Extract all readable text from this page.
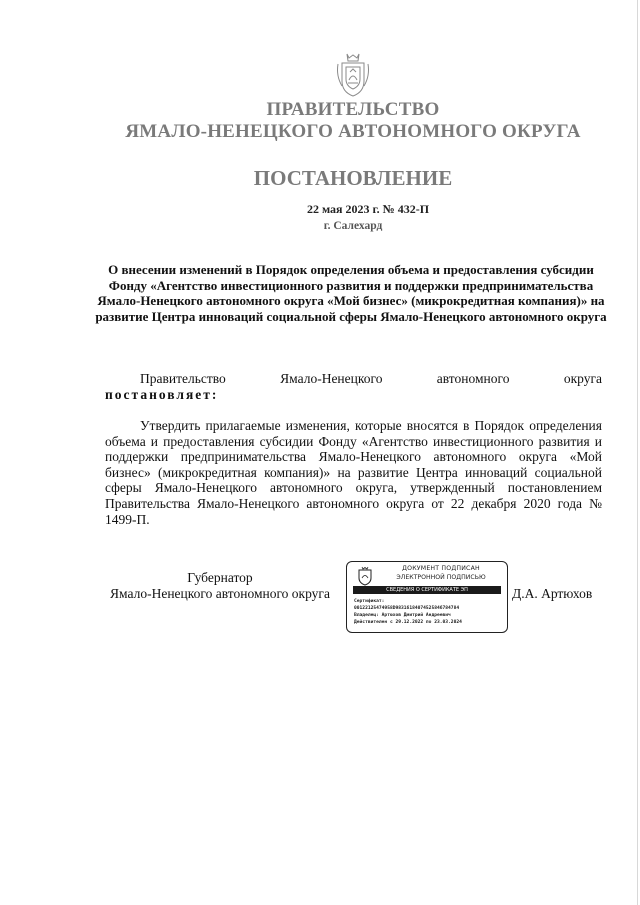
ПРАВИТЕЛЬСТВО
ЯМАЛО-НЕНЕЦКОГО АВТОНОМНОГО ОКРУГА
ПОСТАНОВЛЕНИЕ
22 мая 2023 г. № 432-П
г. Салехард
О внесении изменений в Порядок определения объема и предоставления субсидии Фонду «Агентство инвестиционного развития и поддержки предпринимательства Ямало-Ненецкого автономного округа «Мой бизнес» (микрокредитная компания)» на развитие Центра инноваций социальной сферы Ямало-Ненецкого автономного округа
Правительство	Ямало-Ненецкого	автономного	округа
постановляет:
Утвердить прилагаемые изменения, которые вносятся в Порядок определения объема и предоставления субсидии Фонду «Агентство инвестиционного развития и поддержки предпринимательства Ямало-Ненецкого автономного округа «Мой бизнес» (микрокредитная компания)» на развитие Центра инноваций социальной сферы Ямало-Ненецкого автономного округа, утвержденный постановлением Правительства Ямало-Ненецкого автономного округа от 22 декабря 2020 года № 1499-П.
Губернатор
Ямало-Ненецкого автономного округа
ДОКУМЕНТ ПОДПИСАН
ЭЛЕКТРОННОЙ ПОДПИСЬЮ
СВЕДЕНИЯ О СЕРТИФИКАТЕ ЭП
Сертификат:
00122125474958D98316184074525846784784
Владелец: Артюхов Дмитрий Андреевич
Действителен с 29.12.2022 по 23.03.2024
Д.А. Артюхов
